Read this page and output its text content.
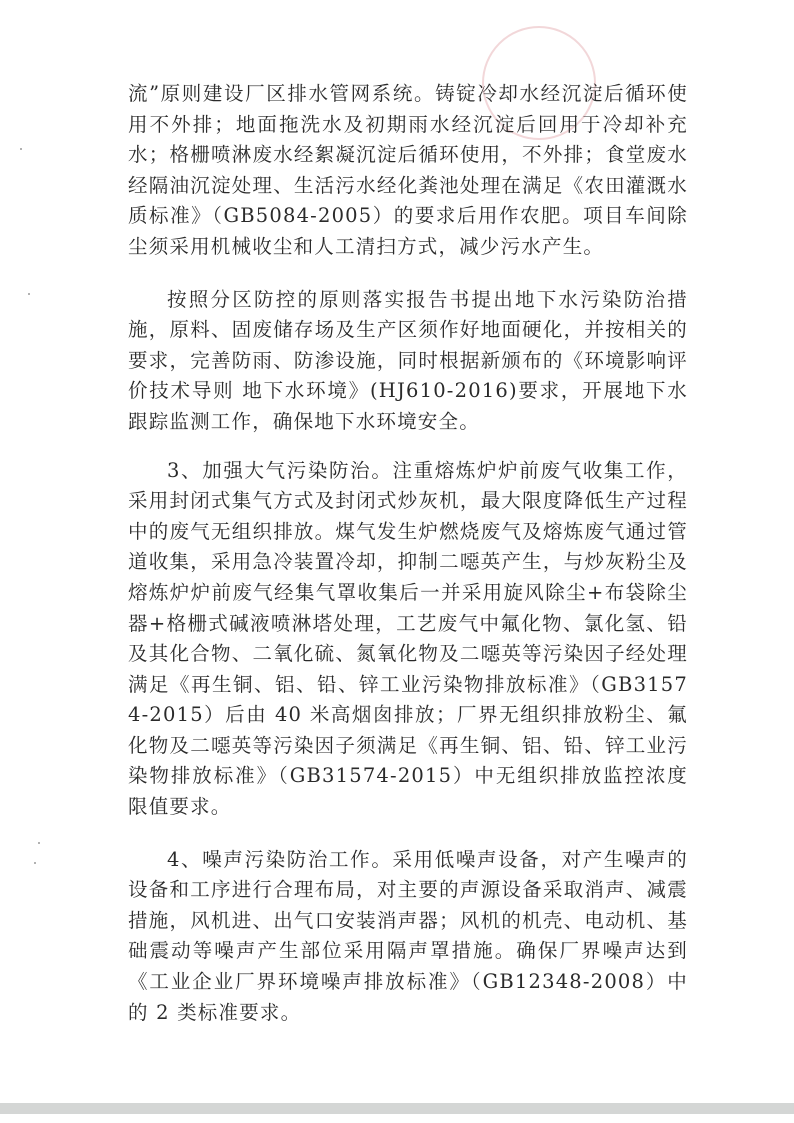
流”原则建设厂区排水管网系统。铸锭冷却水经沉淀后循环使用不外排；地面拖洗水及初期雨水经沉淀后回用于冷却补充水；格栅喷淋废水经絮凝沉淀后循环使用，不外排；食堂废水经隔油沉淀处理、生活污水经化粪池处理在满足《农田灌溉水质标准》（GB5084-2005）的要求后用作农肥。项目车间除尘须采用机械收尘和人工清扫方式，减少污水产生。

按照分区防控的原则落实报告书提出地下水污染防治措施，原料、固废储存场及生产区须作好地面硬化，并按相关的要求，完善防雨、防渗设施，同时根据新颁布的《环境影响评价技术导则 地下水环境》(HJ610-2016)要求，开展地下水跟踪监测工作，确保地下水环境安全。

3、加强大气污染防治。注重熔炼炉炉前废气收集工作，采用封闭式集气方式及封闭式炒灰机，最大限度降低生产过程中的废气无组织排放。煤气发生炉燃烧废气及熔炼废气通过管道收集，采用急冷装置冷却，抑制二噁英产生，与炒灰粉尘及熔炼炉炉前废气经集气罩收集后一并采用旋风除尘+布袋除尘器+格栅式碱液喷淋塔处理，工艺废气中氟化物、氯化氢、铅及其化合物、二氧化硫、氮氧化物及二噁英等污染因子经处理满足《再生铜、铝、铅、锌工业污染物排放标准》（GB31574-2015）后由 40 米高烟囱排放；厂界无组织排放粉尘、氟化物及二噁英等污染因子须满足《再生铜、铝、铅、锌工业污染物排放标准》（GB31574-2015）中无组织排放监控浓度限值要求。

4、噪声污染防治工作。采用低噪声设备，对产生噪声的设备和工序进行合理布局，对主要的声源设备采取消声、减震措施，风机进、出气口安装消声器；风机的机壳、电动机、基础震动等噪声产生部位采用隔声罩措施。确保厂界噪声达到《工业企业厂界环境噪声排放标准》（GB12348-2008）中的 2 类标准要求。
